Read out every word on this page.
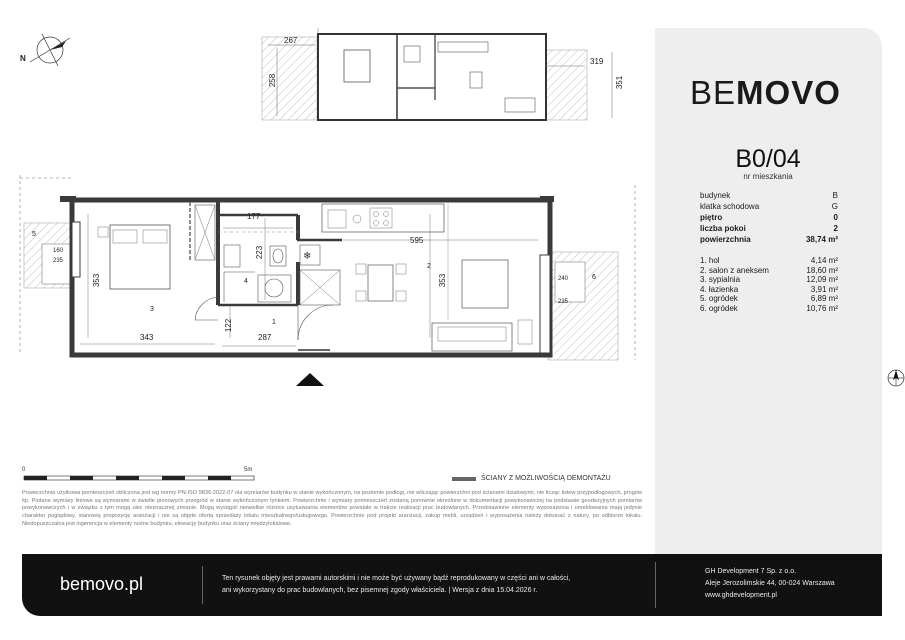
N
❄
3
2
4
1
5
6
343	287
122
353	353
177
223
595
240
235
160
235
267
258
319
351
0	5m
ŚCIANY Z MOŻLIWOŚCIĄ DEMONTAŻU
Powierzchnia użytkowa pomieszczeń obliczona jest wg normy PN-ISO 9836:2022-07 ola wymiarów budynku w stanie wykończonym, na poziomie podłogi, nie wliczając powierzchni pod ścianami działowymi, nie licząc listew przypodłogowych, progów itp. Podane wymiary liniowe są wymiarami w świetle pionowych przegród w stanie wykończonym tynkiem. Powierzchnie i wymiary pomieszczeń zostaną ponownie określone w dokumentacji powykonawczej na podstawie geodezyjnych pomiarów powykonawczych i w związku z tym mogą ulec nieznacznej zmianie. Mogą wystąpić niewielkie różnice usytuowania elementów powstałe w trakcie realizacji prac budowlanych. Przedstawione elementy wyposażenia i umeblowania mają jedynie charakter poglądowy, stanowią propozycję aranżacji i nie są objęte ofertą sprzedaży lokalu mieszkalnego/usługowego. Powierzchnie pod projekt aranżacji, zakup mebli, urządzeń i wyposażenia należy dokonać z natury, po odbiorze lokalu. Niedopuszczalna jest ingerencja w elementy nośne budynku, elewację budynku oraz ściany międzylokalowe.
BEMOVO
B0/04
nr mieszkania
budynek	B
klatka schodowa	G
piętro	0
liczba pokoi	2
powierzchnia	38,74 m²
1. hol	4,14 m²
2. salon z aneksem	18,60 m²
3. sypialnia	12,09 m²
4. łazienka	3,91 m²
5. ogródek	6,89 m²
6. ogródek	10,76 m²
bemovo.pl	Ten rysunek objęty jest prawami autorskimi i nie może być używany bądź reprodukowany w części ani w całości,
ani wykorzystany do prac budowlanych, bez pisemnej zgody właściciela. | Wersja z dnia 15.04.2026 r.
GH Development 7 Sp. z o.o.
Aleje Jerozolimskie 44, 00-024 Warszawa
www.ghdevelopment.pl
